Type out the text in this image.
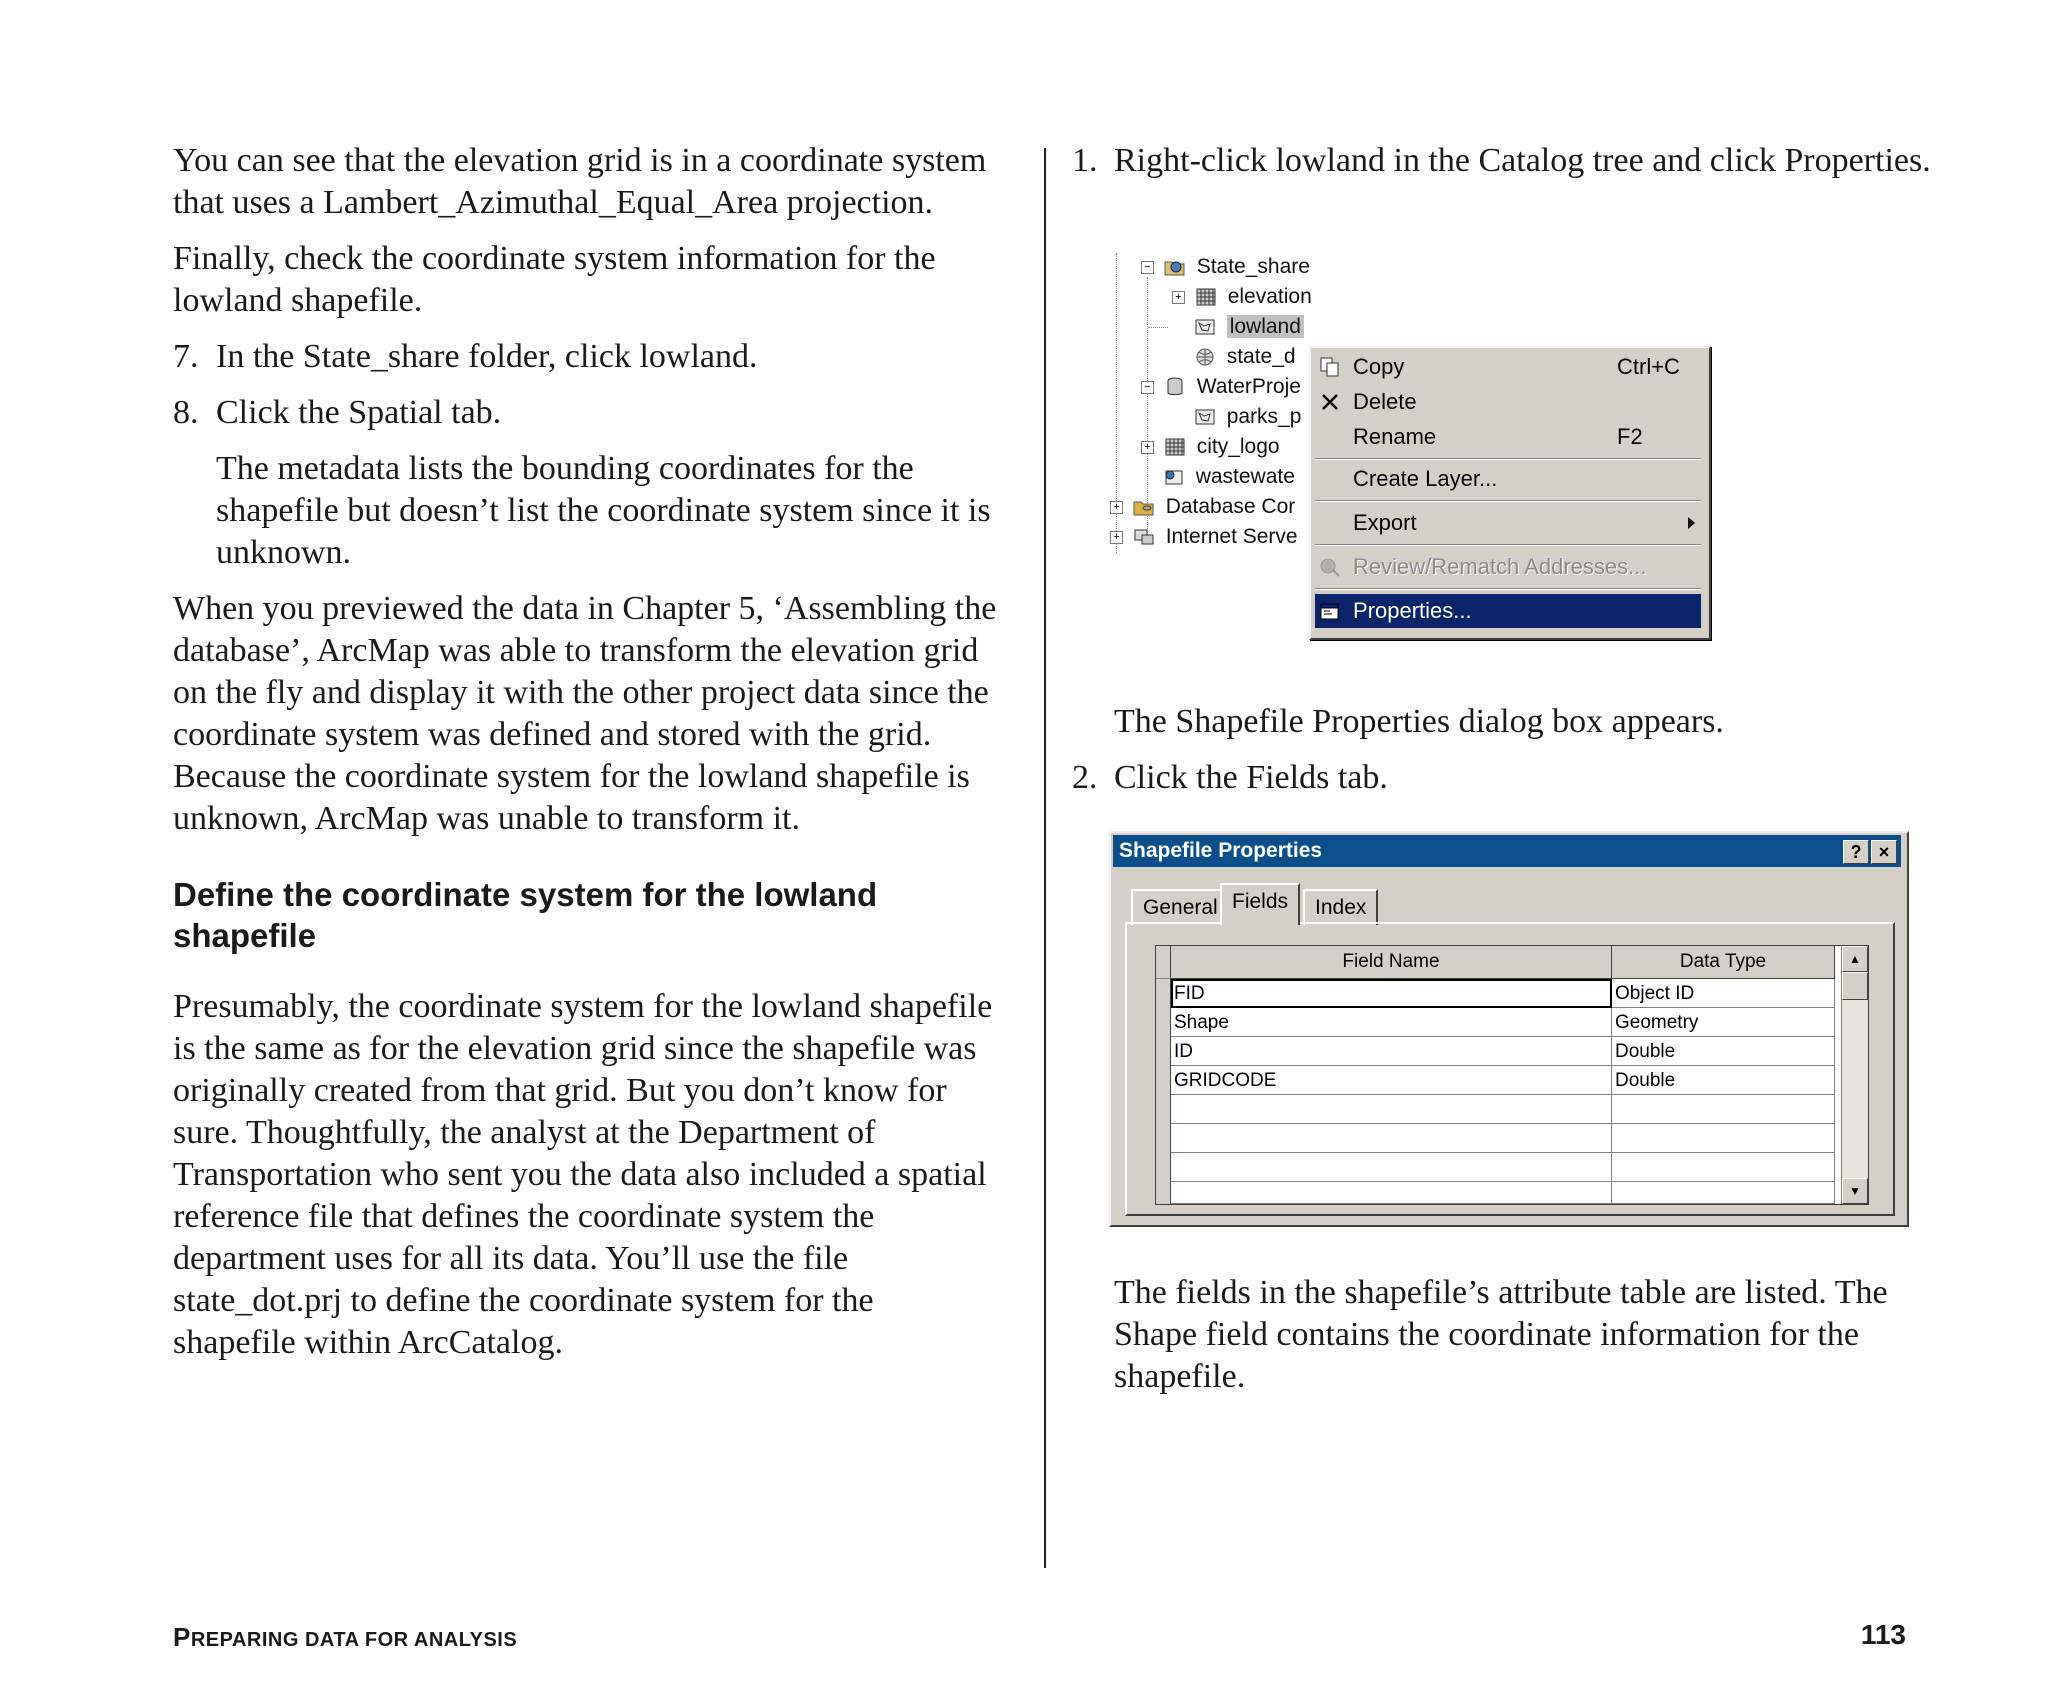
You can see that the elevation grid is in a coordinate system that uses a Lambert_Azimuthal_Equal_Area projection.

Finally, check the coordinate system information for the lowland shapefile.

7. In the State_share folder, click lowland.

8. Click the Spatial tab.

The metadata lists the bounding coordinates for the shapefile but doesn’t list the coordinate system since it is unknown.

When you previewed the data in Chapter 5, ‘Assembling the database’, ArcMap was able to transform the elevation grid on the fly and display it with the other project data since the coordinate system was defined and stored with the grid. Because the coordinate system for the lowland shapefile is unknown, ArcMap was unable to transform it.

Define the coordinate system for the lowland shapefile

Presumably, the coordinate system for the lowland shapefile is the same as for the elevation grid since the shapefile was originally created from that grid. But you don’t know for sure. Thoughtfully, the analyst at the Department of Transportation who sent you the data also included a spatial reference file that defines the coordinate system the department uses for all its data. You’ll use the file state_dot.prj to define the coordinate system for the shapefile within ArcCatalog.

1. Right-click lowland in the Catalog tree and click Properties.

The Shapefile Properties dialog box appears.
2. Click the Fields tab.
The fields in the shapefile’s attribute table are listed. The Shape field contains the coordinate information for the shapefile.
− State_share
+ elevation
lowland
state_d
− WaterProje
parks_p
+ city_logo
wastewate
+ Database Cor
+ Internet Serve
Copy	Ctrl+C
Delete
Rename	F2
Create Layer...
Export
Review/Rematch Addresses...
Properties...
Shapefile Properties	? ×
General Fields	Index
Field Name	Data Type
FID	Object ID
Shape	Geometry
ID	Double
GRIDCODE	Double
▲
▼
PREPARING DATA FOR ANALYSIS	113
